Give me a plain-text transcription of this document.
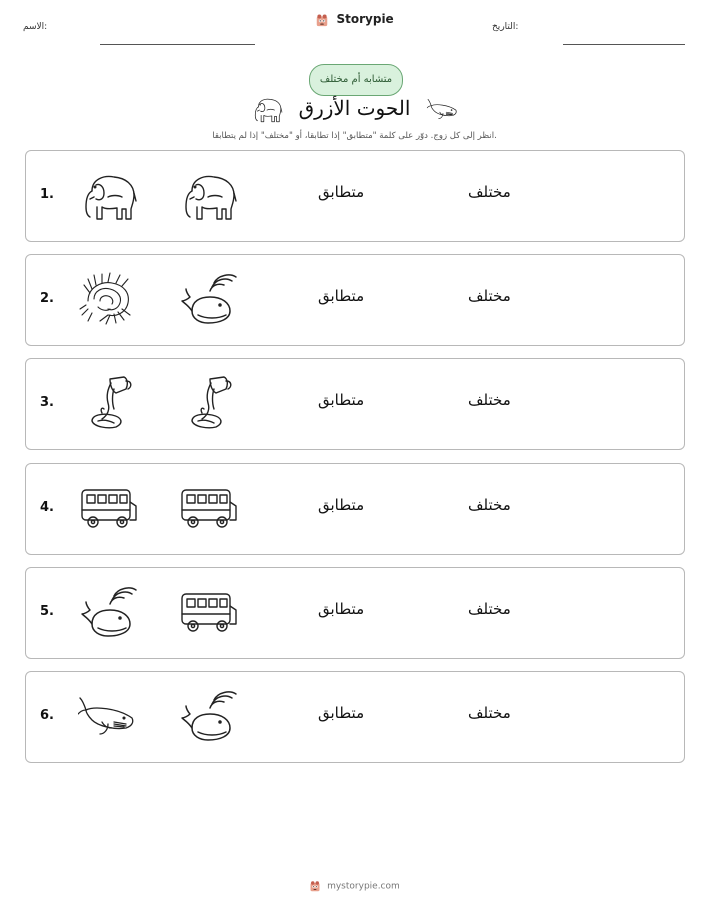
الاسم:
Storypie
التاريخ:
متشابه أم مختلف
الحوت الأزرق
انظر إلى كل زوج. دوّر على كلمة "متطابق" إذا تطابقا، أو "مختلف" إذا لم يتطابقا.
1.	متطابق	مختلف
2.	متطابق	مختلف
3.	متطابق	مختلف
4.	متطابق	مختلف
5.	متطابق	مختلف
6.	متطابق	مختلف
mystorypie.com
